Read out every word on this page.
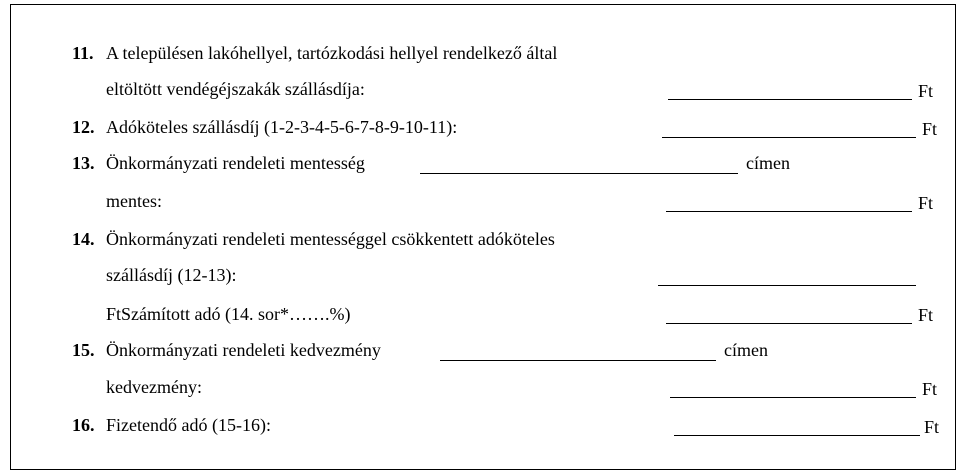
11. A településen lakóhellyel, tartózkodási hellyel rendelkező által
eltöltött vendégéjszakák szállásdíja:	Ft
12. Adóköteles szállásdíj (1-2-3-4-5-6-7-8-9-10-11):	Ft
13. Önkormányzati rendeleti mentesség	címen
mentes:	Ft
14. Önkormányzati rendeleti mentességgel csökkentett adóköteles
szállásdíj (12-13):
FtSzámított adó (14. sor*…….%)	Ft
15. Önkormányzati rendeleti kedvezmény	címen
kedvezmény:	Ft
16. Fizetendő adó (15-16):	Ft
